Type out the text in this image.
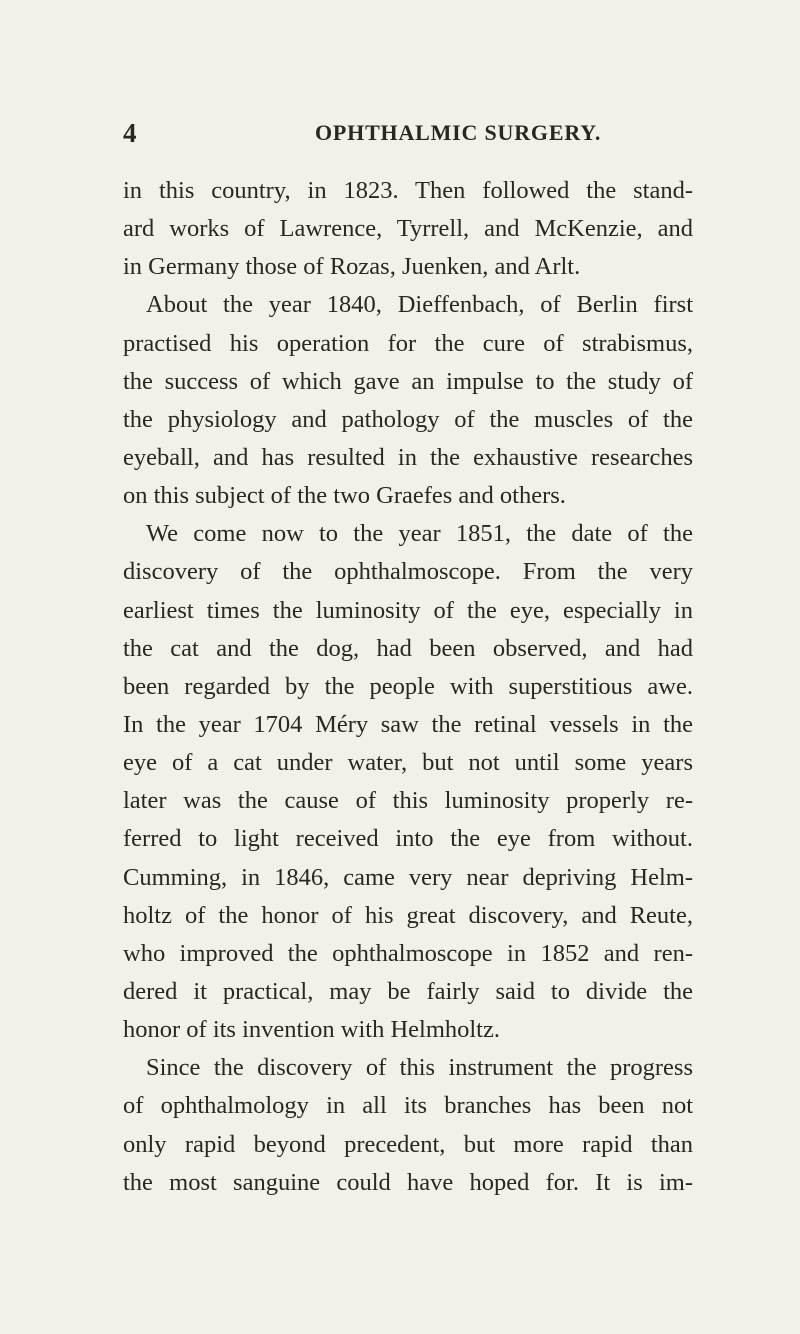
4	OPHTHALMIC SURGERY.
in this country, in 1823. Then followed the stand-
ard works of Lawrence, Tyrrell, and McKenzie, and
in Germany those of Rozas, Juenken, and Arlt.
About the year 1840, Dieffenbach, of Berlin first
practised his operation for the cure of strabismus,
the success of which gave an impulse to the study of
the physiology and pathology of the muscles of the
eyeball, and has resulted in the exhaustive researches
on this subject of the two Graefes and others.
We come now to the year 1851, the date of the
discovery of the ophthalmoscope. From the very
earliest times the luminosity of the eye, especially in
the cat and the dog, had been observed, and had
been regarded by the people with superstitious awe.
In the year 1704 Méry saw the retinal vessels in the
eye of a cat under water, but not until some years
later was the cause of this luminosity properly re-
ferred to light received into the eye from without.
Cumming, in 1846, came very near depriving Helm-
holtz of the honor of his great discovery, and Reute,
who improved the ophthalmoscope in 1852 and ren-
dered it practical, may be fairly said to divide the
honor of its invention with Helmholtz.
Since the discovery of this instrument the progress
of ophthalmology in all its branches has been not
only rapid beyond precedent, but more rapid than
the most sanguine could have hoped for. It is im-
